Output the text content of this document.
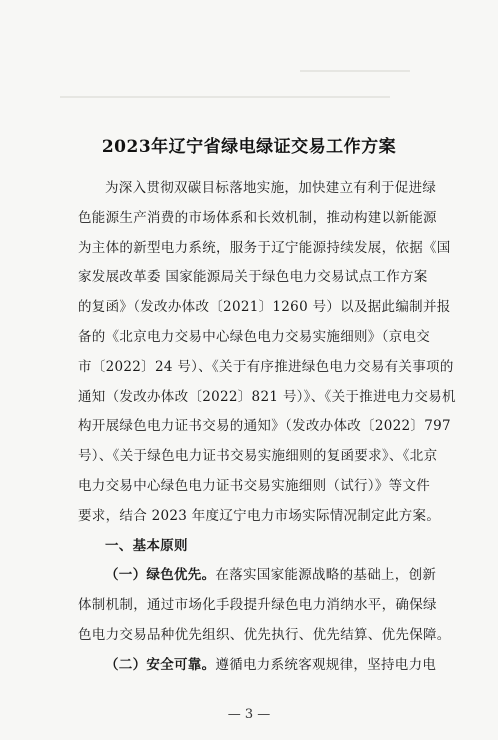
2023年辽宁省绿电绿证交易工作方案
为深入贯彻双碳目标落地实施，加快建立有利于促进绿
色能源生产消费的市场体系和长效机制，推动构建以新能源
为主体的新型电力系统，服务于辽宁能源持续发展，依据《国
家发展改革委 国家能源局关于绿色电力交易试点工作方案
的复函》（发改办体改〔2021〕1260 号）以及据此编制并报
备的《北京电力交易中心绿色电力交易实施细则》（京电交
市〔2022〕24 号）、《关于有序推进绿色电力交易有关事项的
通知（发改办体改〔2022〕821 号）》、《关于推进电力交易机
构开展绿色电力证书交易的通知》（发改办体改〔2022〕797
号）、《关于绿色电力证书交易实施细则的复函要求》、《北京
电力交易中心绿色电力证书交易实施细则（试行）》等文件
要求，结合 2023 年度辽宁电力市场实际情况制定此方案。
一、基本原则
（一）绿色优先。在落实国家能源战略的基础上，创新
体制机制，通过市场化手段提升绿色电力消纳水平，确保绿
色电力交易品种优先组织、优先执行、优先结算、优先保障。
（二）安全可靠。遵循电力系统客观规律，坚持电力电
— 3 —
